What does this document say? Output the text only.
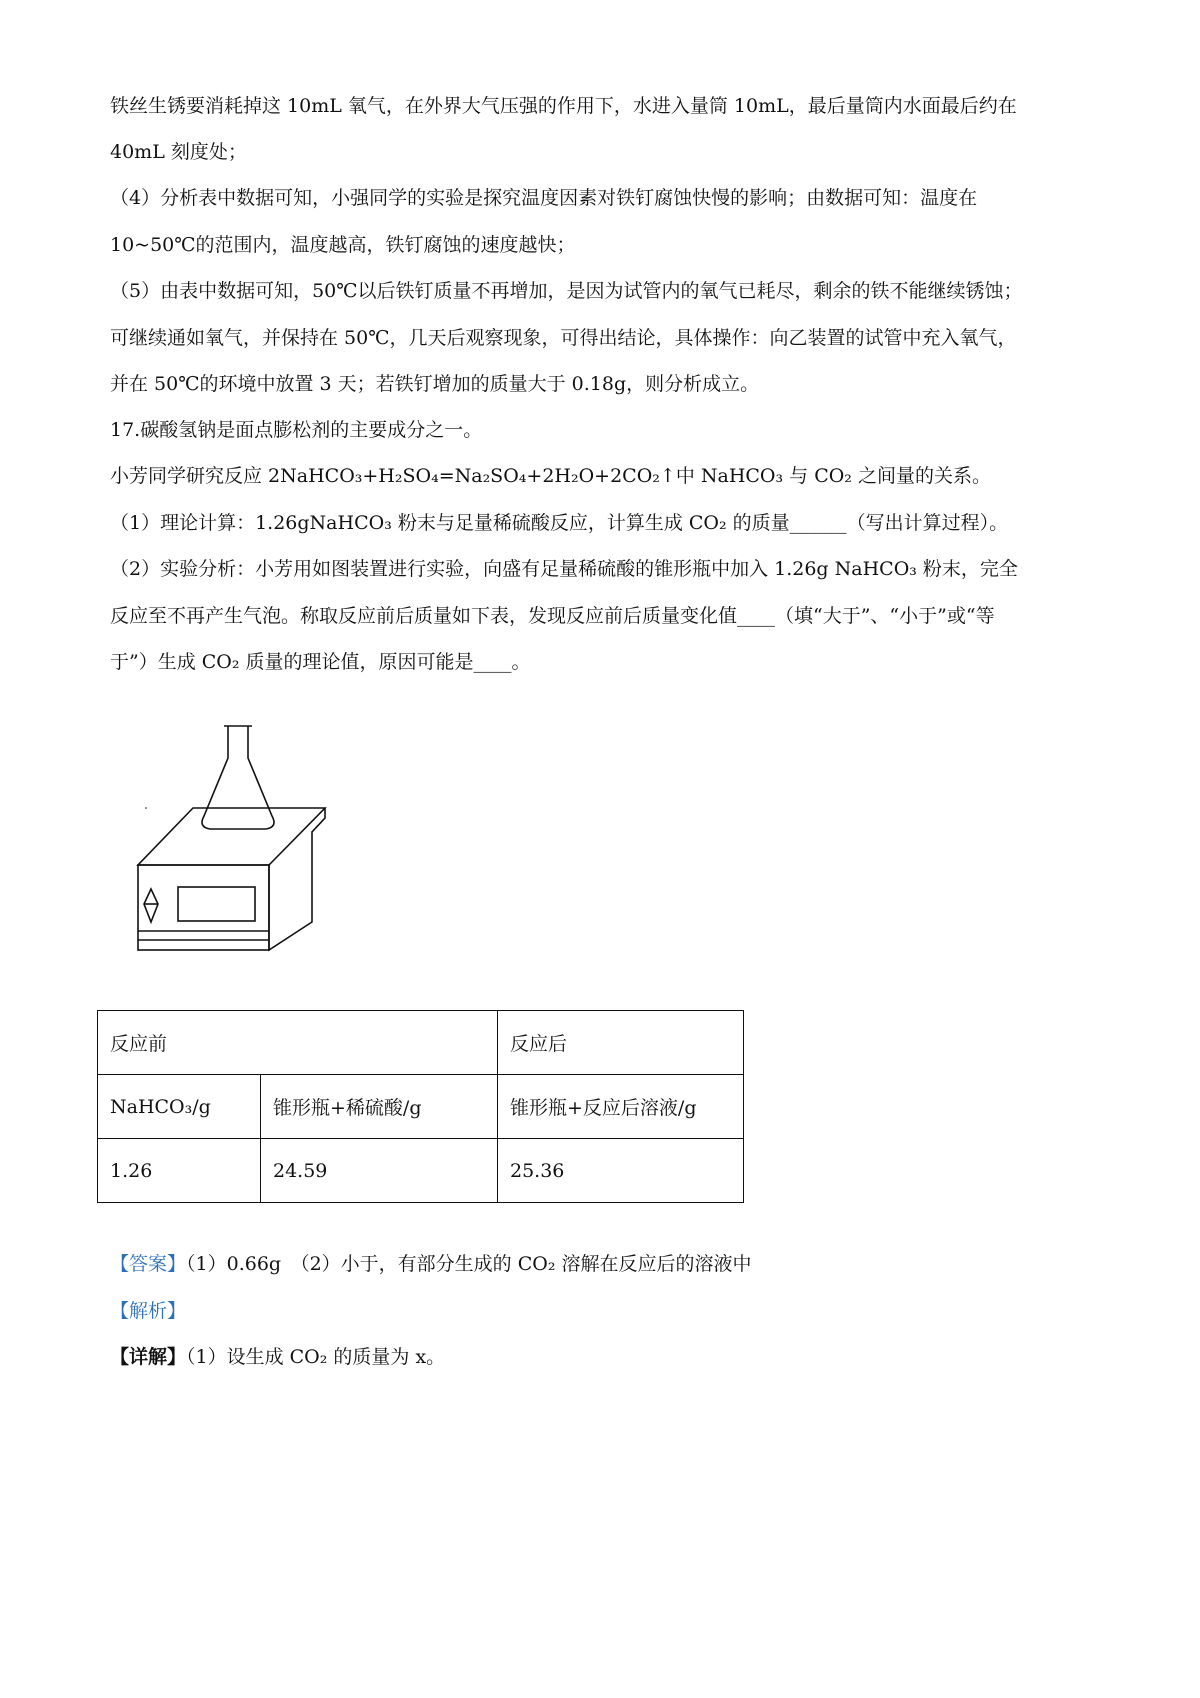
铁丝生锈要消耗掉这 10mL 氧气，在外界大气压强的作用下，水进入量筒 10mL，最后量筒内水面最后约在
40mL 刻度处；
（4）分析表中数据可知，小强同学的实验是探究温度因素对铁钉腐蚀快慢的影响；由数据可知：温度在
10~50℃的范围内，温度越高，铁钉腐蚀的速度越快；
（5）由表中数据可知，50℃以后铁钉质量不再增加，是因为试管内的氧气已耗尽，剩余的铁不能继续锈蚀；
可继续通如氧气，并保持在 50℃，几天后观察现象，可得出结论，具体操作：向乙装置的试管中充入氧气，
并在 50℃的环境中放置 3 天；若铁钉增加的质量大于 0.18g，则分析成立。
17.碳酸氢钠是面点膨松剂的主要成分之一。
小芳同学研究反应 2NaHCO₃+H₂SO₄=Na₂SO₄+2H₂O+2CO₂↑中 NaHCO₃ 与 CO₂ 之间量的关系。
（1）理论计算：1.26gNaHCO₃ 粉末与足量稀硫酸反应，计算生成 CO₂ 的质量______（写出计算过程）。
（2）实验分析：小芳用如图装置进行实验，向盛有足量稀硫酸的锥形瓶中加入 1.26g NaHCO₃ 粉末，完全
反应至不再产生气泡。称取反应前后质量如下表，发现反应前后质量变化值____（填“大于”、“小于”或“等
于”）生成 CO₂ 质量的理论值，原因可能是____。
反应前		反应后
NaHCO₃/g	锥形瓶+稀硫酸/g	锥形瓶+反应后溶液/g
1.26	24.59	25.36
【答案】（1）0.66g　（2）小于，有部分生成的 CO₂ 溶解在反应后的溶液中
【解析】
【详解】（1）设生成 CO₂ 的质量为 x。
